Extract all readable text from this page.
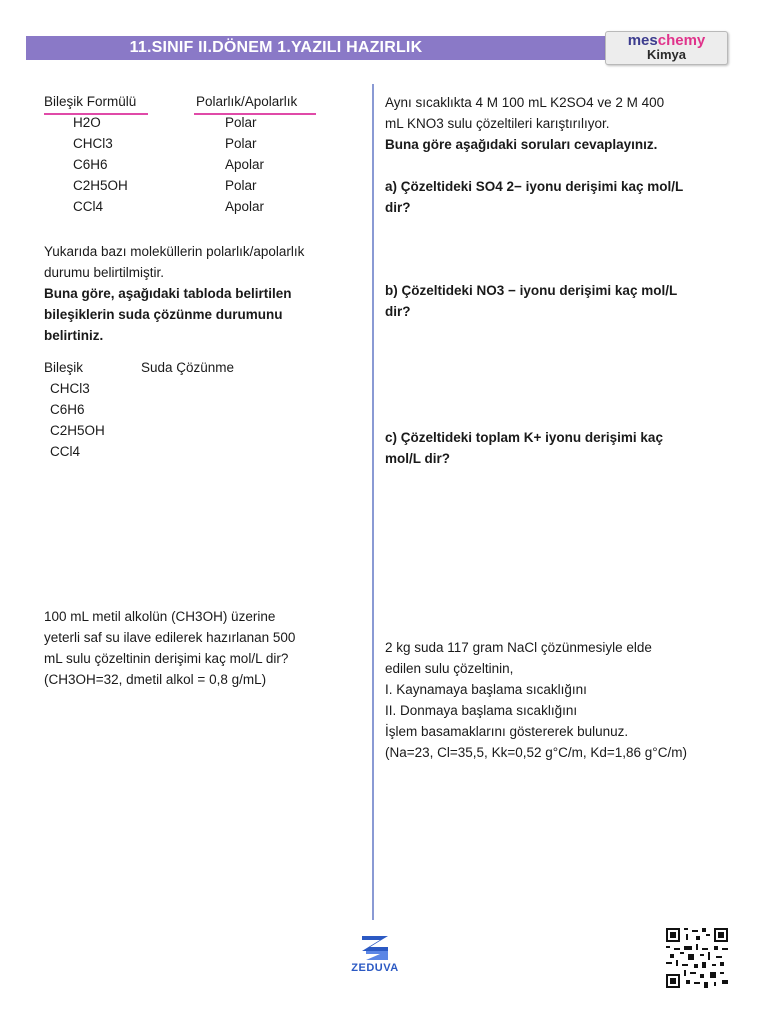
11.SINIF II.DÖNEM 1.YAZILI HAZIRLIK	mesᴄhemy
Kimya
Bileşik Formülü	Polarlık/Apolarlık
H2O	Polar
CHCl3	Polar
C6H6	Apolar
C2H5OH	Polar
CCl4	Apolar
Yukarıda bazı moleküllerin polarlık/apolarlık
durumu belirtilmiştir.
Buna göre, aşağıdaki tabloda belirtilen
bileşiklerin suda çözünme durumunu
belirtiniz.
Bileşik	Suda Çözünme
CHCl3
C6H6
C2H5OH
CCl4
100 mL metil alkolün (CH3OH) üzerine
yeterli saf su ilave edilerek hazırlanan 500
mL sulu çözeltinin derişimi kaç mol/L dir?
(CH3OH=32, dmetil alkol = 0,8 g/mL)
Aynı sıcaklıkta 4 M 100 mL K2SO4 ve 2 M 400
mL KNO3 sulu çözeltileri karıştırılıyor.
Buna göre aşağıdaki soruları cevaplayınız.
a) Çözeltideki SO4 2− iyonu derişimi kaç mol/L
dir?
b) Çözeltideki NO3 − iyonu derişimi kaç mol/L
dir?
c) Çözeltideki toplam K+ iyonu derişimi kaç
mol/L dir?
2 kg suda 117 gram NaCl çözünmesiyle elde
edilen sulu çözeltinin,
I. Kaynamaya başlama sıcaklığını
II. Donmaya başlama sıcaklığını
İşlem basamaklarını göstererek bulunuz.
(Na=23, Cl=35,5, Kk=0,52 g°C/m, Kd=1,86 g°C/m)
ZEDUVA
